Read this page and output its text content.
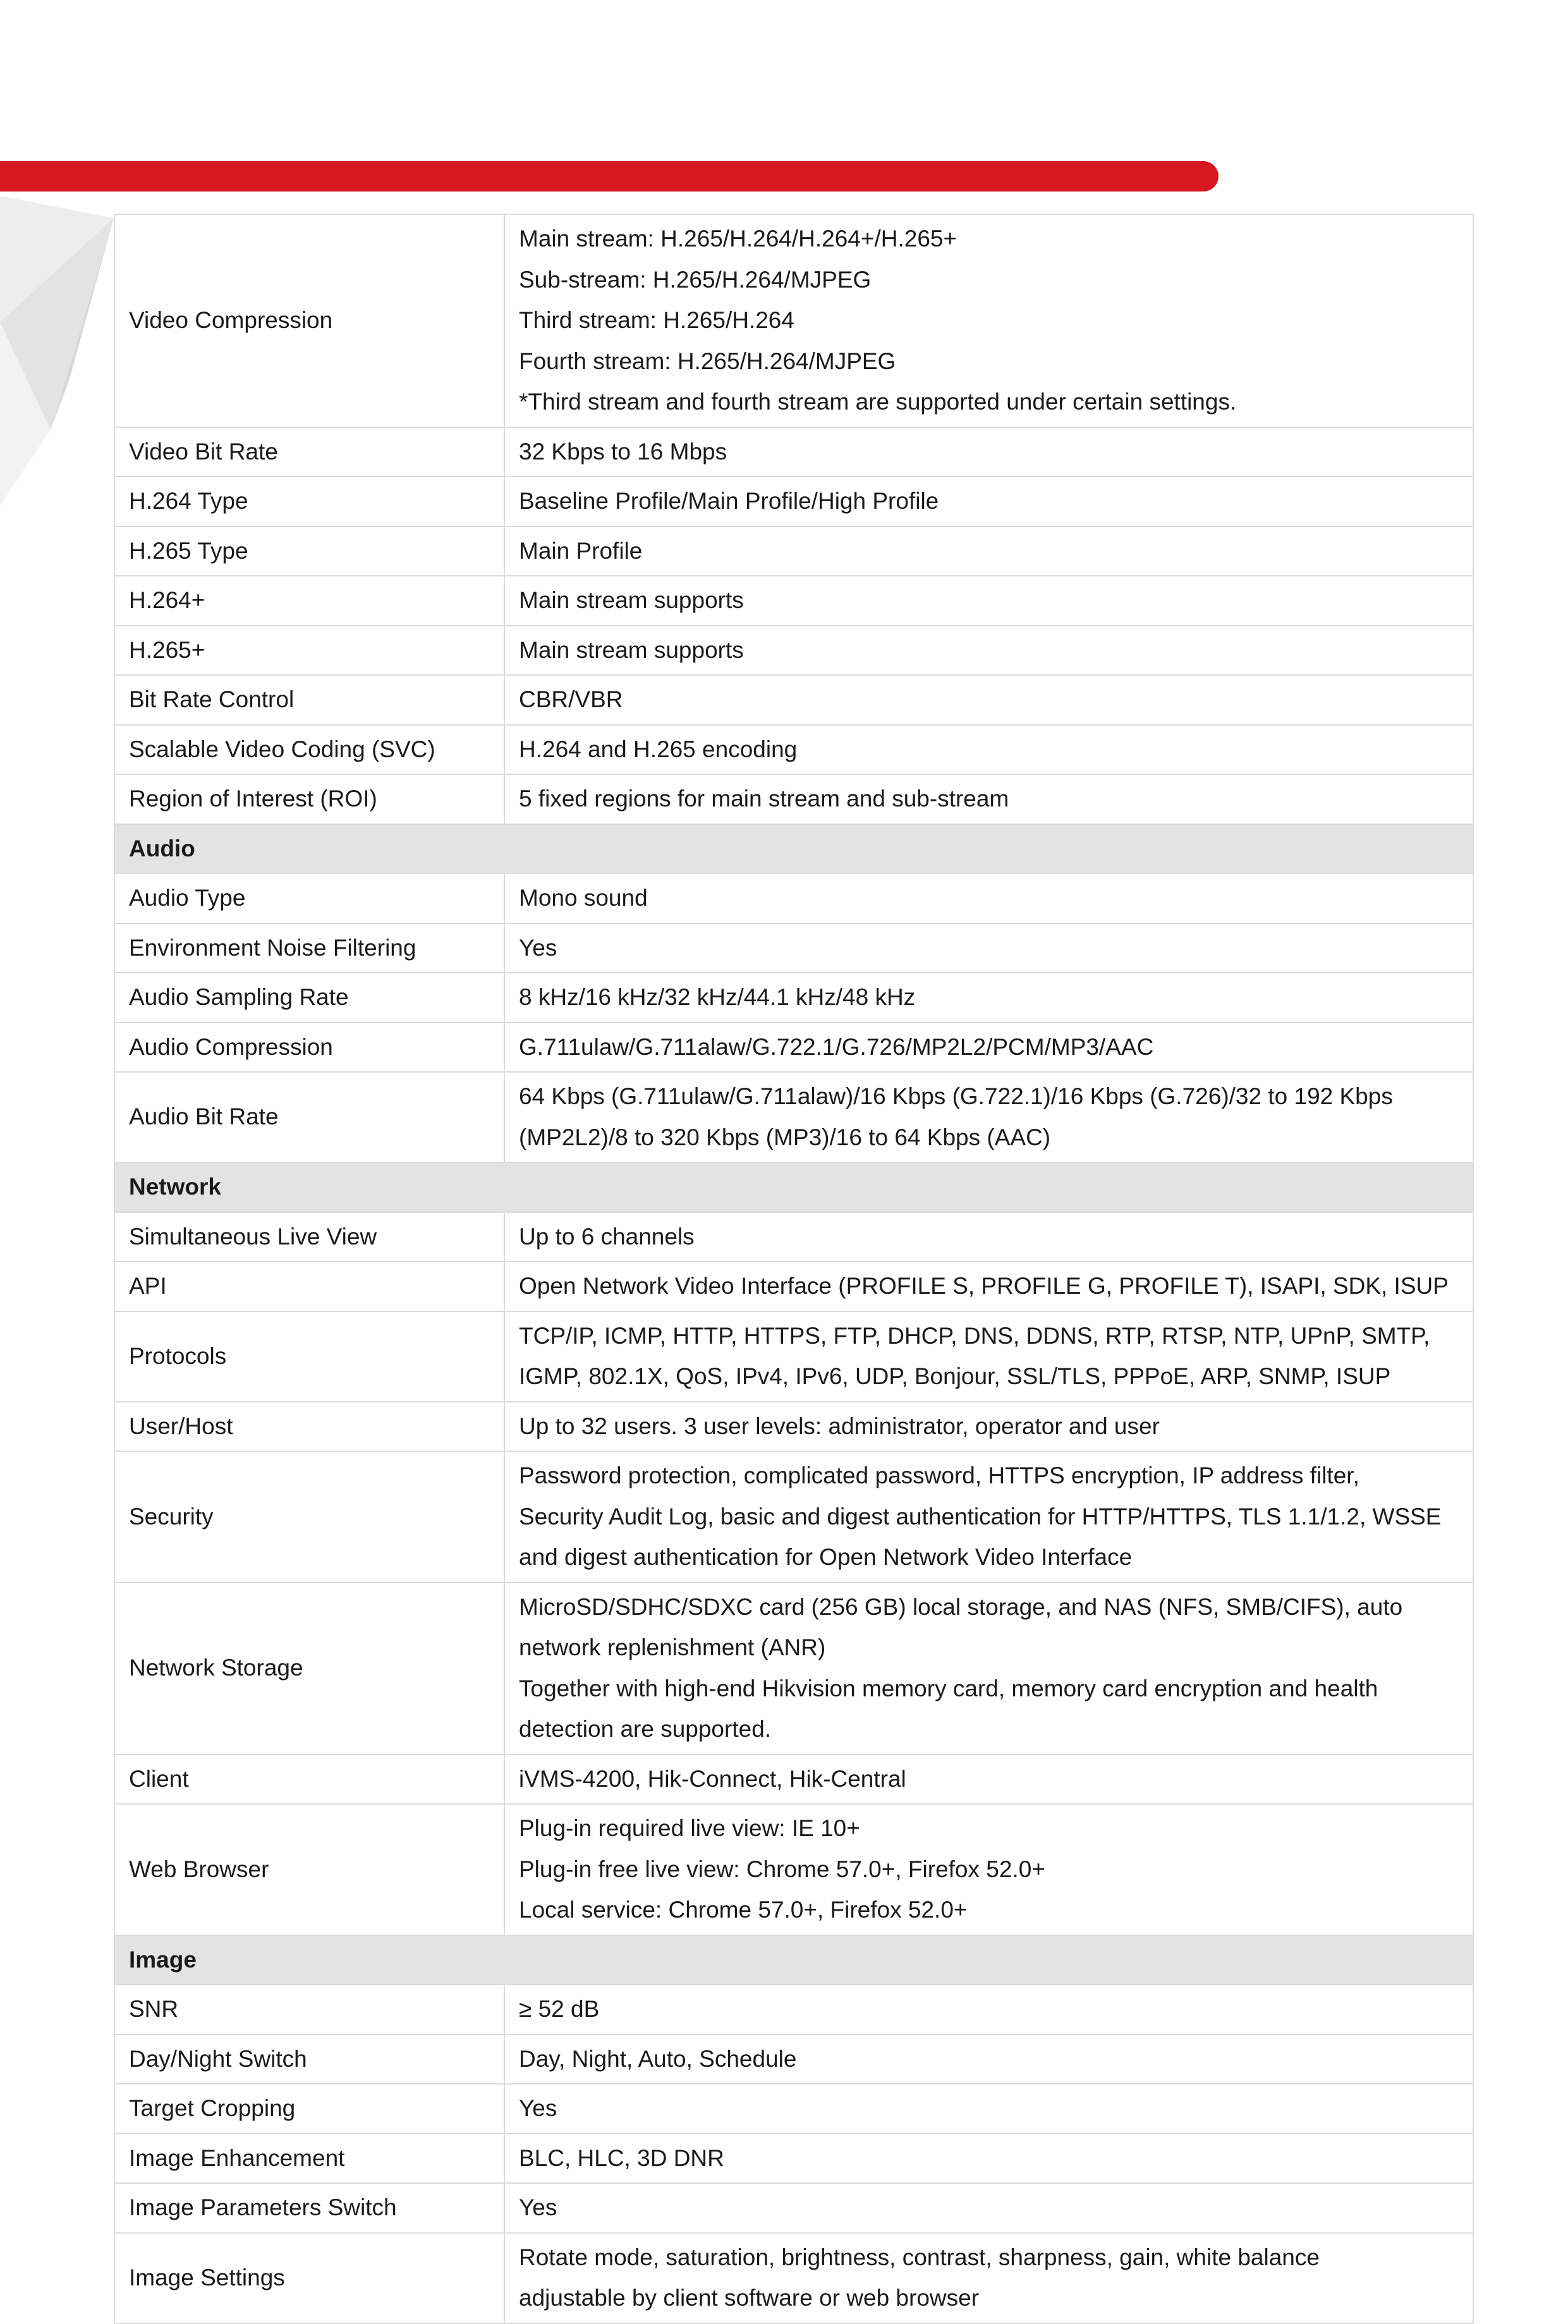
Video Compression	Main stream: H.265/H.264/H.264+/H.265+
Sub-stream: H.265/H.264/MJPEG
Third stream: H.265/H.264
Fourth stream: H.265/H.264/MJPEG
*Third stream and fourth stream are supported under certain settings.

Video Bit Rate	32 Kbps to 16 Mbps

H.264 Type	Baseline Profile/Main Profile/High Profile

H.265 Type	Main Profile

H.264+	Main stream supports

H.265+	Main stream supports

Bit Rate Control	CBR/VBR

Scalable Video Coding (SVC)	H.264 and H.265 encoding

Region of Interest (ROI)	5 fixed regions for main stream and sub-stream

Audio	
Audio Type	Mono sound

Environment Noise Filtering	Yes

Audio Sampling Rate	8 kHz/16 kHz/32 kHz/44.1 kHz/48 kHz

Audio Compression	G.711ulaw/G.711alaw/G.722.1/G.726/MP2L2/PCM/MP3/AAC

Audio Bit Rate	64 Kbps (G.711ulaw/G.711alaw)/16 Kbps (G.722.1)/16 Kbps (G.726)/32 to 192 Kbps
(MP2L2)/8 to 320 Kbps (MP3)/16 to 64 Kbps (AAC)

Network	
Simultaneous Live View	Up to 6 channels

API	Open Network Video Interface (PROFILE S, PROFILE G, PROFILE T), ISAPI, SDK, ISUP

Protocols	TCP/IP, ICMP, HTTP, HTTPS, FTP, DHCP, DNS, DDNS, RTP, RTSP, NTP, UPnP, SMTP,
IGMP, 802.1X, QoS, IPv4, IPv6, UDP, Bonjour, SSL/TLS, PPPoE, ARP, SNMP, ISUP

User/Host	Up to 32 users. 3 user levels: administrator, operator and user

Security	Password protection, complicated password, HTTPS encryption, IP address filter,
Security Audit Log, basic and digest authentication for HTTP/HTTPS, TLS 1.1/1.2, WSSE
and digest authentication for Open Network Video Interface

Network Storage	MicroSD/SDHC/SDXC card (256 GB) local storage, and NAS (NFS, SMB/CIFS), auto
network replenishment (ANR)
Together with high-end Hikvision memory card, memory card encryption and health
detection are supported.

Client	iVMS-4200, Hik-Connect, Hik-Central

Web Browser	Plug-in required live view: IE 10+
Plug-in free live view: Chrome 57.0+, Firefox 52.0+
Local service: Chrome 57.0+, Firefox 52.0+

Image	
SNR	≥ 52 dB

Day/Night Switch	Day, Night, Auto, Schedule

Target Cropping	Yes

Image Enhancement	BLC, HLC, 3D DNR

Image Parameters Switch	Yes

Image Settings	Rotate mode, saturation, brightness, contrast, sharpness, gain, white balance
adjustable by client software or web browser
